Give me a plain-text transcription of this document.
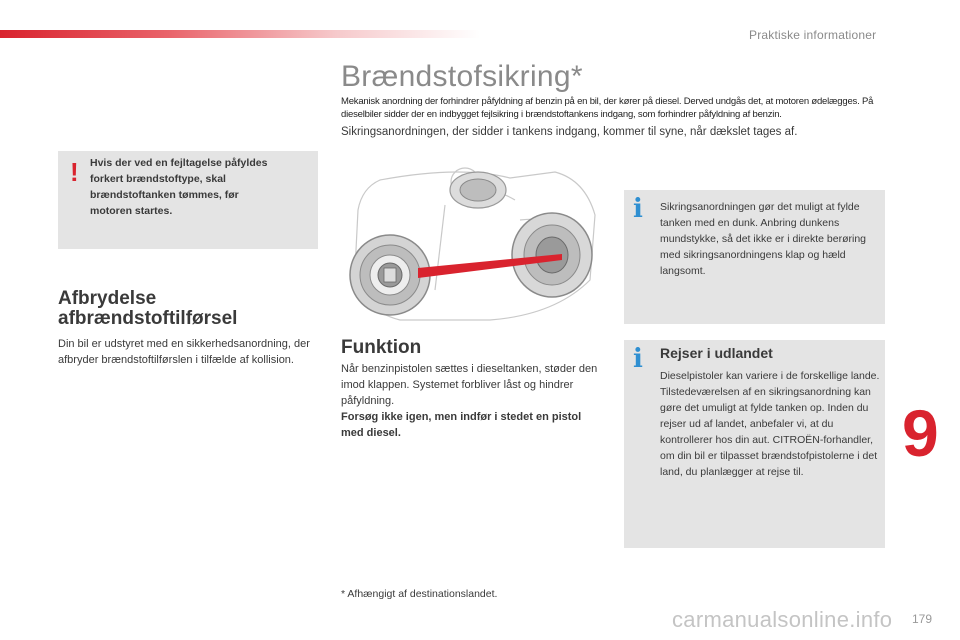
Praktiske informationer
9
179
Brændstofsikring*
Mekanisk anordning der forhindrer påfyldning af benzin på en bil, der kører på diesel. Derved undgås det, at motoren ødelægges. På dieselbiler sidder der en indbygget fejlsikring i brændstoftankens indgang, som forhindrer påfyldning af benzin.
Sikringsanordningen, der sidder i tankens indgang, kommer til syne, når dækslet tages af.
! Hvis der ved en fejltagelse påfyldes forkert brændstoftype, skal brændstoftanken tømmes, før motoren startes.
Afbrydelse afbrændstoftilførsel
Din bil er udstyret med en sikkerhedsanordning, der afbryder brændstoftilførslen i tilfælde af kollision.
Funktion
Når benzinpistolen sættes i dieseltanken, støder den imod klappen. Systemet forbliver låst og hindrer påfyldning.
Forsøg ikke igen, men indfør i stedet en pistol med diesel.
i Sikringsanordningen gør det muligt at fylde tanken med en dunk. Anbring dunkens mundstykke, så det ikke er i direkte berøring med sikringsanordningens klap og hæld langsomt.
i Rejser i udlandet
Dieselpistoler kan variere i de forskellige lande. Tilstedeværelsen af en sikringsanordning kan gøre det umuligt at fylde tanken op. Inden du rejser ud af landet, anbefaler vi, at du kontrollerer hos din aut. CITROËN-forhandler, om din bil er tilpasset brændstofpistolerne i det land, du planlægger at rejse til.
* Afhængigt af destinationslandet.
carmanualsonline.info
